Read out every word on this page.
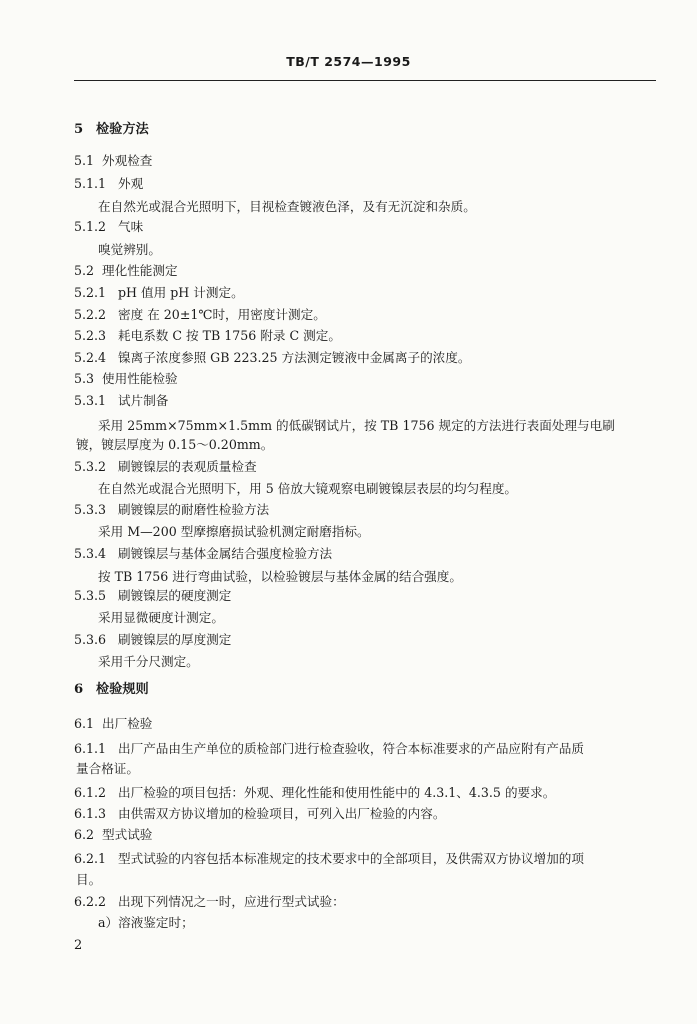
TB/T 2574—1995
5 检验方法
5.1 外观检查
5.1.1 外观
在自然光或混合光照明下，目视检查镀液色泽，及有无沉淀和杂质。
5.1.2 气味
嗅觉辨别。
5.2 理化性能测定
5.2.1 pH 值用 pH 计测定。
5.2.2 密度 在 20±1℃时，用密度计测定。
5.2.3 耗电系数 C 按 TB 1756 附录 C 测定。
5.2.4 镍离子浓度参照 GB 223.25 方法测定镀液中金属离子的浓度。
5.3 使用性能检验
5.3.1 试片制备
采用 25mm×75mm×1.5mm 的低碳钢试片，按 TB 1756 规定的方法进行表面处理与电刷
镀，镀层厚度为 0.15～0.20mm。
5.3.2 刷镀镍层的表观质量检查
在自然光或混合光照明下，用 5 倍放大镜观察电刷镀镍层表层的均匀程度。
5.3.3 刷镀镍层的耐磨性检验方法
采用 M—200 型摩擦磨损试验机测定耐磨指标。
5.3.4 刷镀镍层与基体金属结合强度检验方法
按 TB 1756 进行弯曲试验，以检验镀层与基体金属的结合强度。
5.3.5 刷镀镍层的硬度测定
采用显微硬度计测定。
5.3.6 刷镀镍层的厚度测定
采用千分尺测定。
6 检验规则
6.1 出厂检验
6.1.1 出厂产品由生产单位的质检部门进行检查验收，符合本标准要求的产品应附有产品质
量合格证。
6.1.2 出厂检验的项目包括：外观、理化性能和使用性能中的 4.3.1、4.3.5 的要求。
6.1.3 由供需双方协议增加的检验项目，可列入出厂检验的内容。
6.2 型式试验
6.2.1 型式试验的内容包括本标准规定的技术要求中的全部项目，及供需双方协议增加的项
目。
6.2.2 出现下列情况之一时，应进行型式试验：
a）溶液鉴定时；
2
